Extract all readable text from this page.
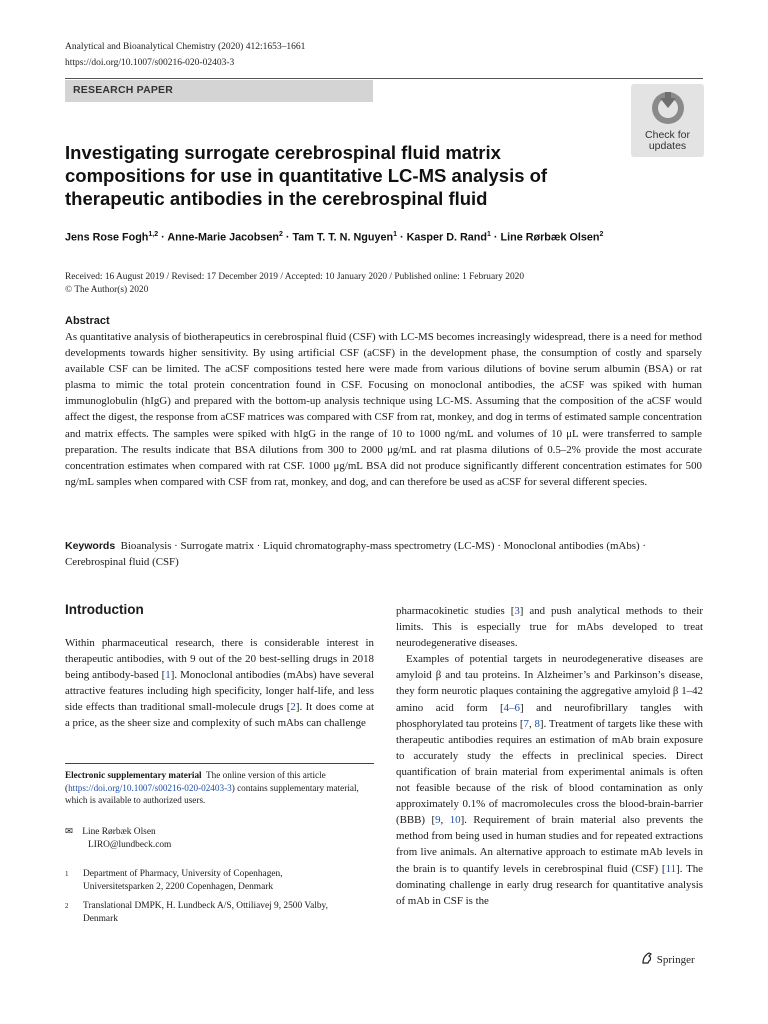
Analytical and Bioanalytical Chemistry (2020) 412:1653–1661
https://doi.org/10.1007/s00216-020-02403-3
RESEARCH PAPER
Check for
updates
Investigating surrogate cerebrospinal fluid matrix compositions for use in quantitative LC-MS analysis of therapeutic antibodies in the cerebrospinal fluid
Jens Rose Fogh$^{1,2}$ · Anne-Marie Jacobsen$^2$ · Tam T. T. N. Nguyen$^1$ · Kasper D. Rand$^1$ · Line Rørbæk Olsen$^2$
Received: 16 August 2019 / Revised: 17 December 2019 / Accepted: 10 January 2020 / Published online: 1 February 2020
© The Author(s) 2020
Abstract
As quantitative analysis of biotherapeutics in cerebrospinal fluid (CSF) with LC-MS becomes increasingly widespread, there is a need for method developments towards higher sensitivity. By using artificial CSF (aCSF) in the development phase, the consumption of costly and sparsely available CSF can be limited. The aCSF compositions tested here were made from various dilutions of bovine serum albumin (BSA) or rat plasma to mimic the total protein concentration found in CSF. Focusing on monoclonal antibodies, the aCSF was spiked with human immunoglobulin (hIgG) and prepared with the bottom-up analysis technique using LC-MS. Assuming that the composition of the aCSF would affect the digest, the response from aCSF matrices was compared with CSF from rat, monkey, and dog in terms of estimated sample concentration and matrix effects. The samples were spiked with hIgG in the range of 10 to 1000 ng/mL and volumes of 10 μL were transferred to sample preparation. The results indicate that BSA dilutions from 300 to 2000 μg/mL and rat plasma dilutions of 0.5–2% provide the most accurate concentration estimates when compared with rat CSF. 1000 μg/mL BSA did not produce significantly different concentration estimates for 500 ng/mL samples when compared with CSF from rat, monkey, and dog, and can therefore be used as aCSF for several different species.
Keywords Bioanalysis · Surrogate matrix · Liquid chromatography-mass spectrometry (LC-MS) · Monoclonal antibodies (mAbs) · Cerebrospinal fluid (CSF)
Introduction
Within pharmaceutical research, there is considerable interest in therapeutic antibodies, with 9 out of the 20 best-selling drugs in 2018 being antibody-based [1]. Monoclonal antibodies (mAbs) have several attractive features including high specificity, longer half-life, and less side effects than traditional small-molecule drugs [2]. It does come at a price, as the sheer size and complexity of such mAbs can challenge

pharmacokinetic studies [3] and push analytical methods to their limits. This is especially true for mAbs developed to treat neurodegenerative diseases.

Examples of potential targets in neurodegenerative diseases are amyloid β and tau proteins. In Alzheimer’s and Parkinson’s disease, they form neurotic plaques containing the aggregative amyloid β 1–42 amino acid form [4–6] and neurofibrillary tangles with phosphorylated tau proteins [7, 8]. Treatment of targets like these with therapeutic antibodies requires an estimation of mAb brain exposure to accurately study the effects in preclinical species. Direct quantification of brain material from experimental animals is often not feasible because of the risk of blood contamination as only approximately 0.1% of macromolecules cross the blood-brain-barrier (BBB) [9, 10]. Requirement of brain material also prevents the method from being used in human studies and for repeated extractions from live animals. An alternative approach to estimate mAb levels in the brain is to quantify levels in cerebrospinal fluid (CSF) [11]. The dominating challenge in early drug research for quantitative analysis of mAb in CSF is the

Electronic supplementary material The online version of this article (https://doi.org/10.1007/s00216-020-02403-3) contains supplementary material, which is available to authorized users.
✉ Line Rørbæk Olsen
LIRO@lundbeck.com
1 Department of Pharmacy, University of Copenhagen, Universitetsparken 2, 2200 Copenhagen, Denmark
2 Translational DMPK, H. Lundbeck A/S, Ottiliavej 9, 2500 Valby, Denmark
Springer
